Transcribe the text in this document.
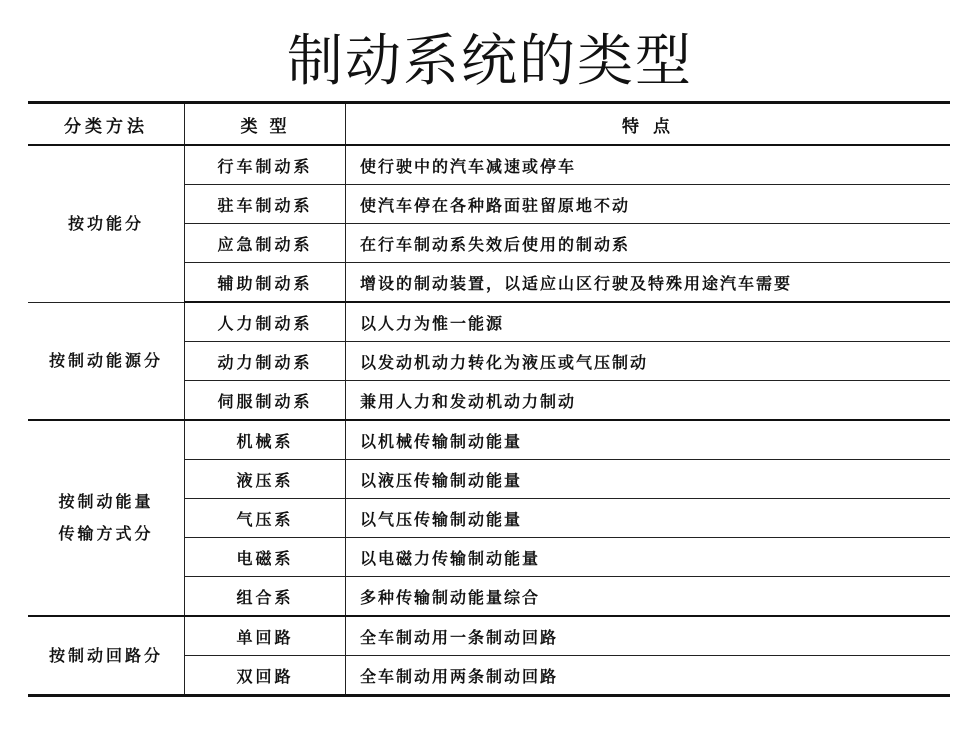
制动系统的类型
分类方法	类 型	特 点
按功能分	行车制动系	使行驶中的汽车减速或停车
	驻车制动系	使汽车停在各种路面驻留原地不动
	应急制动系	在行车制动系失效后使用的制动系
	辅助制动系	增设的制动装置，以适应山区行驶及特殊用途汽车需要
按制动能源分	人力制动系	以人力为惟一能源
	动力制动系	以发动机动力转化为液压或气压制动
	伺服制动系	兼用人力和发动机动力制动
按制动能量
传输方式分	机械系	以机械传输制动能量
	液压系	以液压传输制动能量
	气压系	以气压传输制动能量
	电磁系	以电磁力传输制动能量
	组合系	多种传输制动能量综合
按制动回路分	单回路	全车制动用一条制动回路
	双回路	全车制动用两条制动回路
